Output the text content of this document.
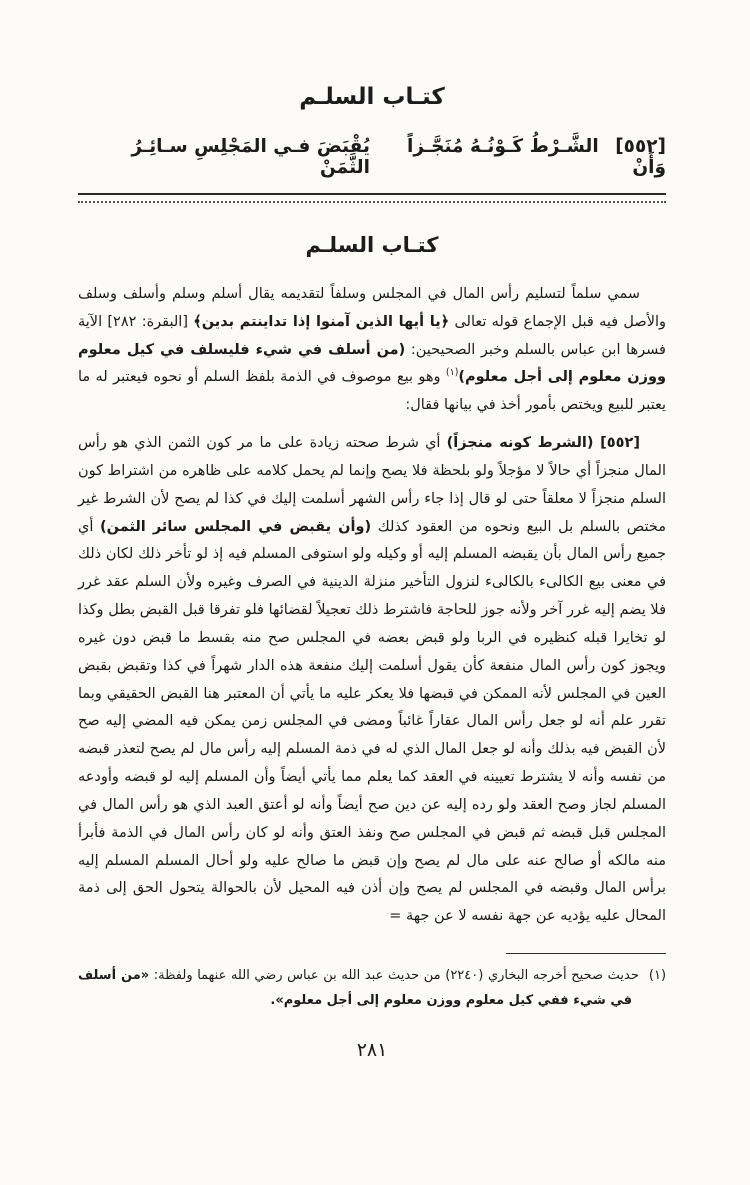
كتـاب السلـم
[٥٥٢] الشَّـرْطُ كَـوْنُـهُ مُنَجَّـزاً وَأَنْ
يُقْبَضَ فـي المَجْلِسِ سـائِـرُ الثَّمَنْ
كتـاب السلـم

سمي سلماً لتسليم رأس المال في المجلس وسلفاً لتقديمه يقال أسلم وسلم وأسلف وسلف والأصل فيه قبل الإجماع قوله تعالى ﴿يا أيها الذين آمنوا إذا تداينتم بدين﴾ [البقرة: ٢٨٢] الآية فسرها ابن عباس بالسلم وخبر الصحيحين: (من أسلف في شيء فليسلف في كيل معلوم ووزن معلوم إلى أجل معلوم)$^{(١)}$ وهو بيع موصوف في الذمة بلفظ السلم أو نحوه فيعتبر له ما يعتبر للبيع ويختص بأمور أخذ في بيانها فقال:

[٥٥٢] (الشرط كونه منجزاً) أي شرط صحته زيادة على ما مر كون الثمن الذي هو رأس المال منجزاً أي حالاً لا مؤجلاً ولو بلحظة فلا يصح وإنما لم يحمل كلامه على ظاهره من اشتراط كون السلم منجزاً لا معلقاً حتى لو قال إذا جاء رأس الشهر أسلمت إليك في كذا لم يصح لأن الشرط غير مختص بالسلم بل البيع ونحوه من العقود كذلك (وأن يقبض في المجلس سائر الثمن) أي جميع رأس المال بأن يقبضه المسلم إليه أو وكيله ولو استوفى المسلم فيه إذ لو تأخر ذلك لكان ذلك في معنى بيع الكالىء بالكالىء لنزول التأخير منزلة الدينية في الصرف وغيره ولأن السلم عقد غرر فلا يضم إليه غرر آخر ولأنه جوز للحاجة فاشترط ذلك تعجيلاً لقضائها فلو تفرقا قبل القبض بطل وكذا لو تخايرا قبله كنظيره في الربا ولو قبض بعضه في المجلس صح منه بقسط ما قبض دون غيره ويجوز كون رأس المال منفعة كأن يقول أسلمت إليك منفعة هذه الدار شهراً في كذا وتقبض بقبض العين في المجلس لأنه الممكن في قبضها فلا يعكر عليه ما يأتي أن المعتبر هنا القبض الحقيقي وبما تقرر علم أنه لو جعل رأس المال عقاراً غائباً ومضى في المجلس زمن يمكن فيه المضي إليه صح لأن القبض فيه بذلك وأنه لو جعل المال الذي له في ذمة المسلم إليه رأس مال لم يصح لتعذر قبضه من نفسه وأنه لا يشترط تعيينه في العقد كما يعلم مما يأتي أيضاً وأن المسلم إليه لو قبضه وأودعه المسلم لجاز وصح العقد ولو رده إليه عن دين صح أيضاً وأنه لو أعتق العبد الذي هو رأس المال في المجلس قبل قبضه ثم قبض في المجلس صح ونفذ العتق وأنه لو كان رأس المال في الذمة فأبرأ منه مالكه أو صالح عنه على مال لم يصح وإن قبض ما صالح عليه ولو أحال المسلم المسلم إليه برأس المال وقبضه في المجلس لم يصح وإن أذن فيه المحيل لأن بالحوالة يتحول الحق إلى ذمة المحال عليه يؤديه عن جهة نفسه لا عن جهة =

(١)حديث صحيح أخرجه البخاري (٢٢٤٠) من حديث عبد الله بن عباس رضي الله عنهما ولفظة: «من أسلف في شيء ففي كيل معلوم ووزن معلوم إلى أجل معلوم».
٢٨١
